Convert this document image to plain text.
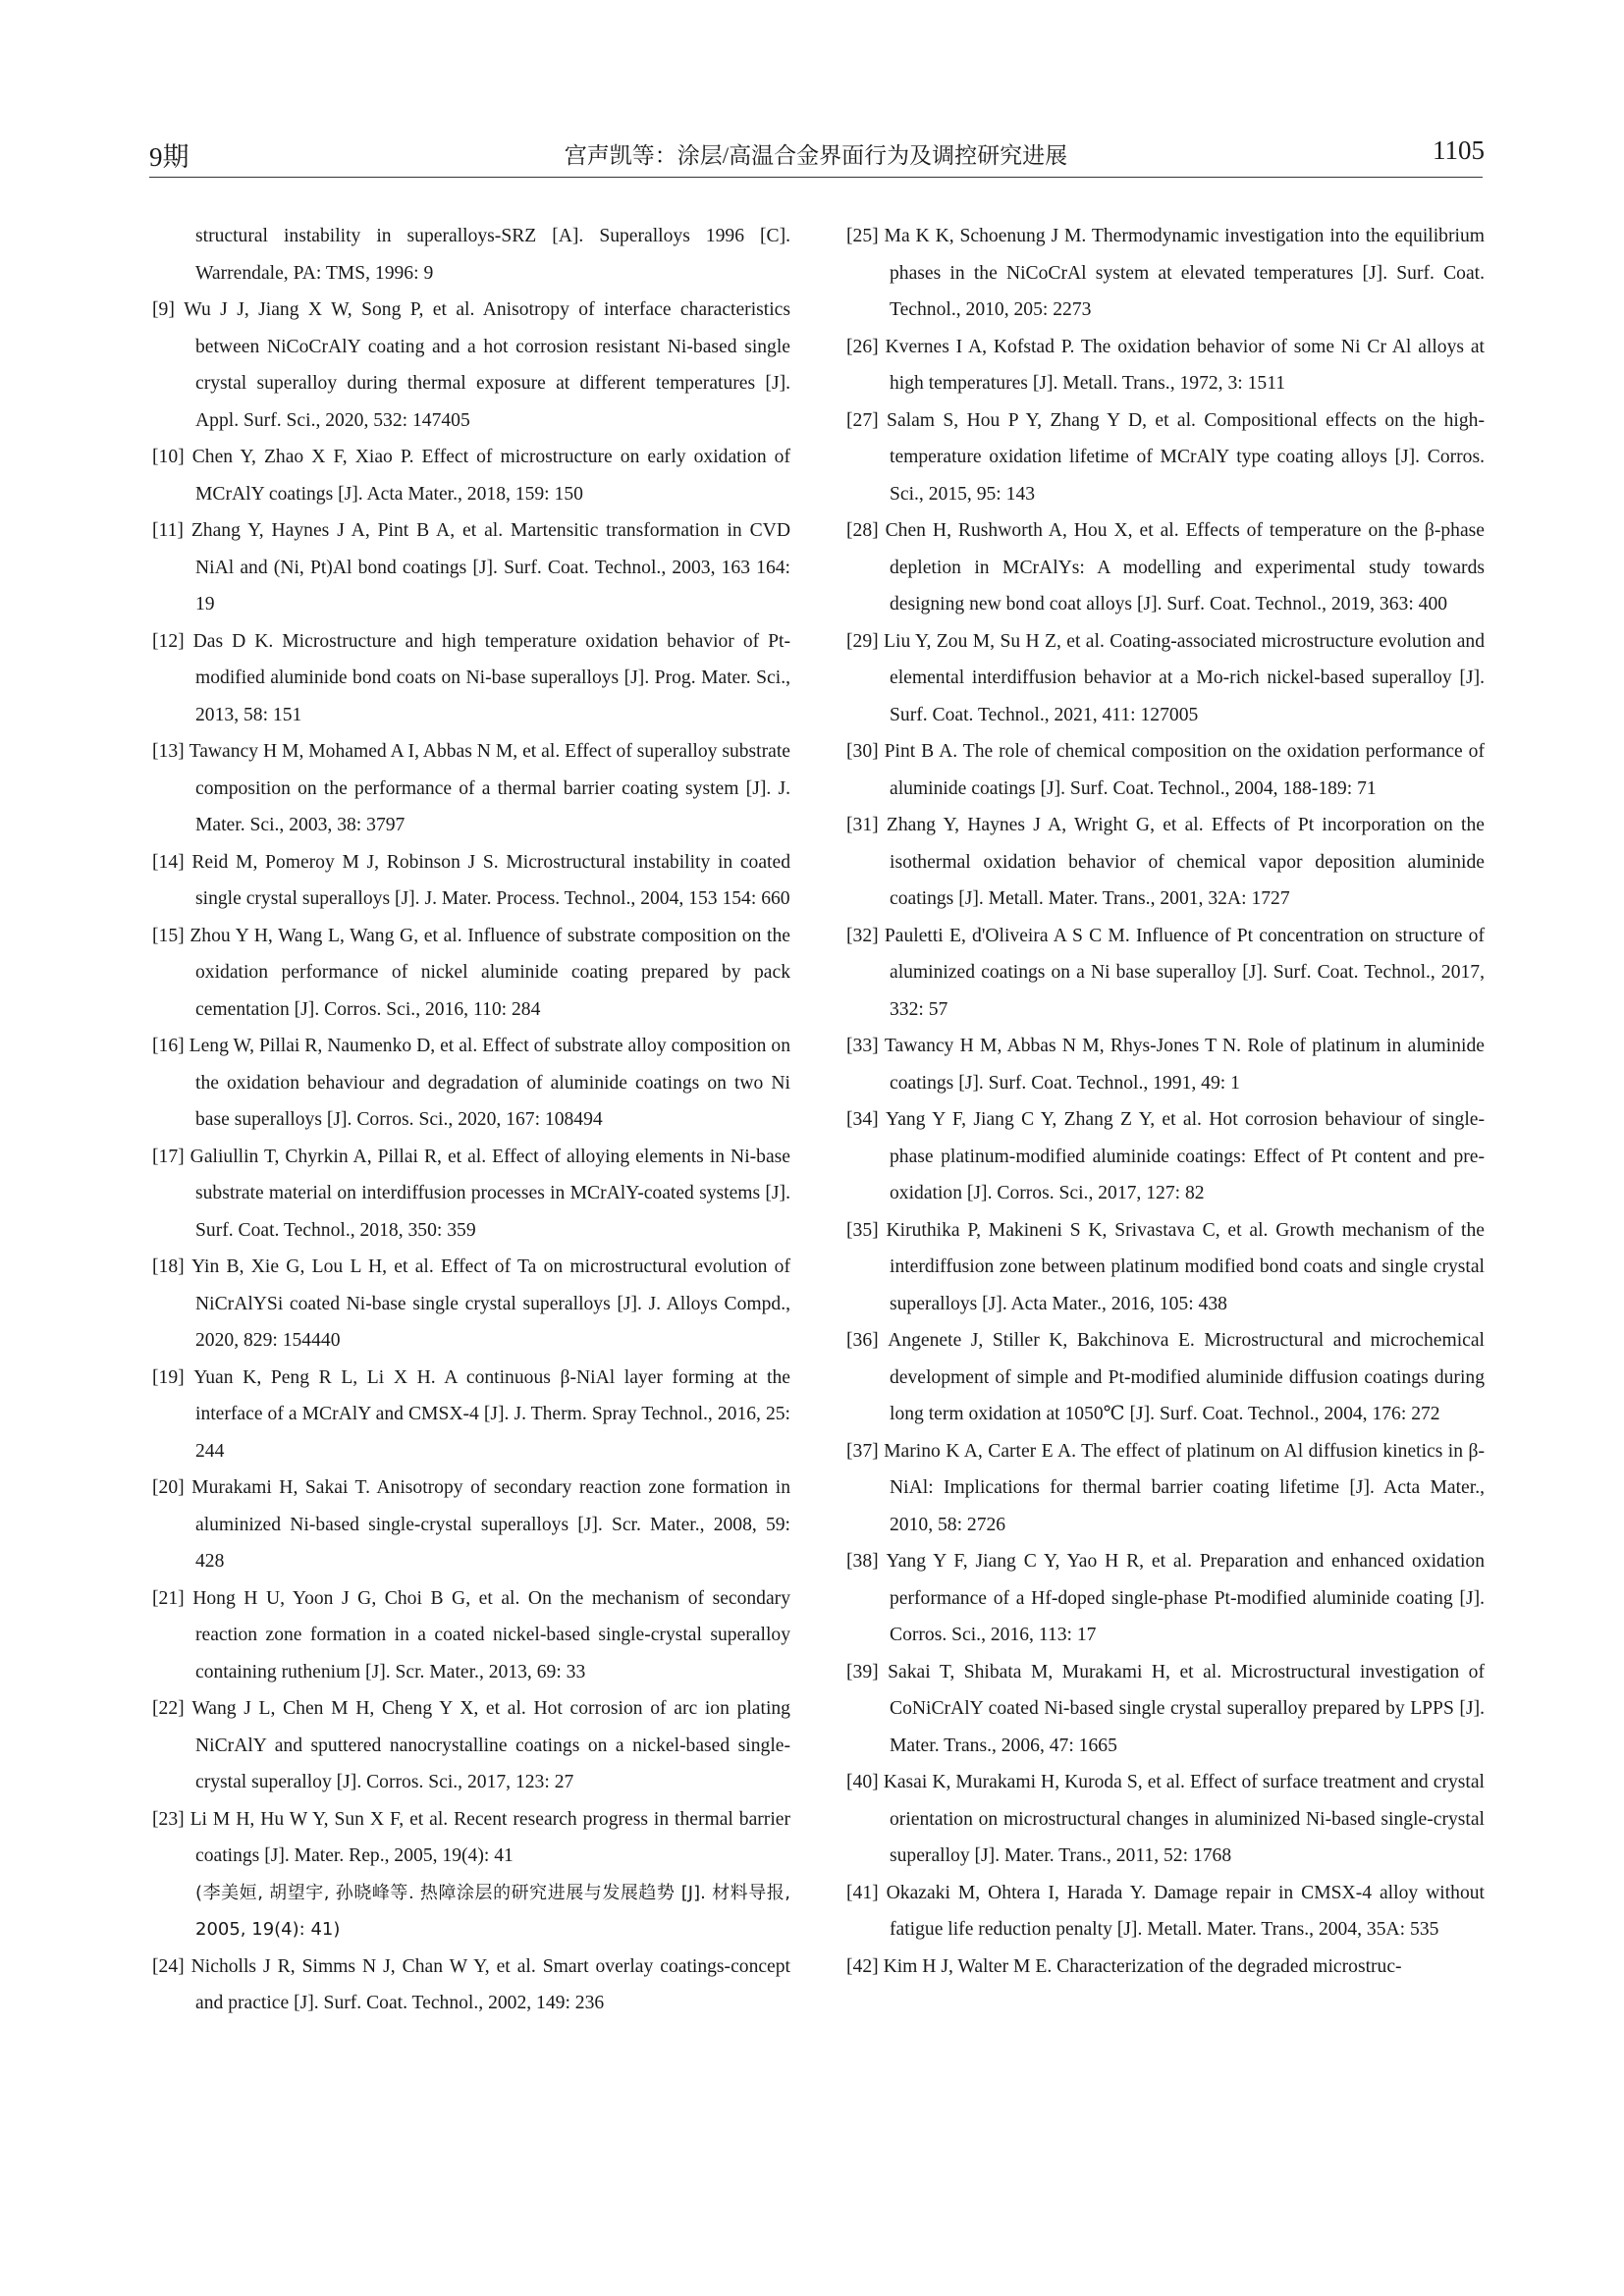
9期	宫声凯等：涂层/高温合金界面行为及调控研究进展	1105

structural instability in superalloys-SRZ [A]. Superalloys 1996 [C]. Warrendale, PA: TMS, 1996: 9

[9] Wu J J, Jiang X W, Song P, et al. Anisotropy of interface characteristics between NiCoCrAlY coating and a hot corrosion resistant Ni-based single crystal superalloy during thermal exposure at different temperatures [J]. Appl. Surf. Sci., 2020, 532: 147405

[10] Chen Y, Zhao X F, Xiao P. Effect of microstructure on early oxidation of MCrAlY coatings [J]. Acta Mater., 2018, 159: 150

[11] Zhang Y, Haynes J A, Pint B A, et al. Martensitic transformation in CVD NiAl and (Ni, Pt)Al bond coatings [J]. Surf. Coat. Technol., 2003, 163 164: 19

[12] Das D K. Microstructure and high temperature oxidation behavior of Pt-modified aluminide bond coats on Ni-base superalloys [J]. Prog. Mater. Sci., 2013, 58: 151

[13] Tawancy H M, Mohamed A I, Abbas N M, et al. Effect of superalloy substrate composition on the performance of a thermal barrier coating system [J]. J. Mater. Sci., 2003, 38: 3797

[14] Reid M, Pomeroy M J, Robinson J S. Microstructural instability in coated single crystal superalloys [J]. J. Mater. Process. Technol., 2004, 153 154: 660

[15] Zhou Y H, Wang L, Wang G, et al. Influence of substrate composition on the oxidation performance of nickel aluminide coating prepared by pack cementation [J]. Corros. Sci., 2016, 110: 284

[16] Leng W, Pillai R, Naumenko D, et al. Effect of substrate alloy composition on the oxidation behaviour and degradation of aluminide coatings on two Ni base superalloys [J]. Corros. Sci., 2020, 167: 108494

[17] Galiullin T, Chyrkin A, Pillai R, et al. Effect of alloying elements in Ni-base substrate material on interdiffusion processes in MCrAlY-coated systems [J]. Surf. Coat. Technol., 2018, 350: 359

[18] Yin B, Xie G, Lou L H, et al. Effect of Ta on microstructural evolution of NiCrAlYSi coated Ni-base single crystal superalloys [J]. J. Alloys Compd., 2020, 829: 154440

[19] Yuan K, Peng R L, Li X H. A continuous β-NiAl layer forming at the interface of a MCrAlY and CMSX-4 [J]. J. Therm. Spray Technol., 2016, 25: 244

[20] Murakami H, Sakai T. Anisotropy of secondary reaction zone formation in aluminized Ni-based single-crystal superalloys [J]. Scr. Mater., 2008, 59: 428

[21] Hong H U, Yoon J G, Choi B G, et al. On the mechanism of secondary reaction zone formation in a coated nickel-based single-crystal superalloy containing ruthenium [J]. Scr. Mater., 2013, 69: 33

[22] Wang J L, Chen M H, Cheng Y X, et al. Hot corrosion of arc ion plating NiCrAlY and sputtered nanocrystalline coatings on a nickel-based single-crystal superalloy [J]. Corros. Sci., 2017, 123: 27

[23] Li M H, Hu W Y, Sun X F, et al. Recent research progress in thermal barrier coatings [J]. Mater. Rep., 2005, 19(4): 41
(李美姮, 胡望宇, 孙晓峰等. 热障涂层的研究进展与发展趋势 [J]. 材料导报, 2005, 19(4): 41)

[24] Nicholls J R, Simms N J, Chan W Y, et al. Smart overlay coatings-concept and practice [J]. Surf. Coat. Technol., 2002, 149: 236

[25] Ma K K, Schoenung J M. Thermodynamic investigation into the equilibrium phases in the NiCoCrAl system at elevated temperatures [J]. Surf. Coat. Technol., 2010, 205: 2273

[26] Kvernes I A, Kofstad P. The oxidation behavior of some Ni Cr Al alloys at high temperatures [J]. Metall. Trans., 1972, 3: 1511

[27] Salam S, Hou P Y, Zhang Y D, et al. Compositional effects on the high-temperature oxidation lifetime of MCrAlY type coating alloys [J]. Corros. Sci., 2015, 95: 143

[28] Chen H, Rushworth A, Hou X, et al. Effects of temperature on the β-phase depletion in MCrAlYs: A modelling and experimental study towards designing new bond coat alloys [J]. Surf. Coat. Technol., 2019, 363: 400

[29] Liu Y, Zou M, Su H Z, et al. Coating-associated microstructure evolution and elemental interdiffusion behavior at a Mo-rich nickel-based superalloy [J]. Surf. Coat. Technol., 2021, 411: 127005

[30] Pint B A. The role of chemical composition on the oxidation performance of aluminide coatings [J]. Surf. Coat. Technol., 2004, 188-189: 71

[31] Zhang Y, Haynes J A, Wright G, et al. Effects of Pt incorporation on the isothermal oxidation behavior of chemical vapor deposition aluminide coatings [J]. Metall. Mater. Trans., 2001, 32A: 1727

[32] Pauletti E, d'Oliveira A S C M. Influence of Pt concentration on structure of aluminized coatings on a Ni base superalloy [J]. Surf. Coat. Technol., 2017, 332: 57

[33] Tawancy H M, Abbas N M, Rhys-Jones T N. Role of platinum in aluminide coatings [J]. Surf. Coat. Technol., 1991, 49: 1

[34] Yang Y F, Jiang C Y, Zhang Z Y, et al. Hot corrosion behaviour of single-phase platinum-modified aluminide coatings: Effect of Pt content and pre-oxidation [J]. Corros. Sci., 2017, 127: 82

[35] Kiruthika P, Makineni S K, Srivastava C, et al. Growth mechanism of the interdiffusion zone between platinum modified bond coats and single crystal superalloys [J]. Acta Mater., 2016, 105: 438

[36] Angenete J, Stiller K, Bakchinova E. Microstructural and microchemical development of simple and Pt-modified aluminide diffusion coatings during long term oxidation at 1050℃ [J]. Surf. Coat. Technol., 2004, 176: 272

[37] Marino K A, Carter E A. The effect of platinum on Al diffusion kinetics in β-NiAl: Implications for thermal barrier coating lifetime [J]. Acta Mater., 2010, 58: 2726

[38] Yang Y F, Jiang C Y, Yao H R, et al. Preparation and enhanced oxidation performance of a Hf-doped single-phase Pt-modified aluminide coating [J]. Corros. Sci., 2016, 113: 17

[39] Sakai T, Shibata M, Murakami H, et al. Microstructural investigation of CoNiCrAlY coated Ni-based single crystal superalloy prepared by LPPS [J]. Mater. Trans., 2006, 47: 1665

[40] Kasai K, Murakami H, Kuroda S, et al. Effect of surface treatment and crystal orientation on microstructural changes in aluminized Ni-based single-crystal superalloy [J]. Mater. Trans., 2011, 52: 1768

[41] Okazaki M, Ohtera I, Harada Y. Damage repair in CMSX-4 alloy without fatigue life reduction penalty [J]. Metall. Mater. Trans., 2004, 35A: 535

[42] Kim H J, Walter M E. Characterization of the degraded microstruc-
